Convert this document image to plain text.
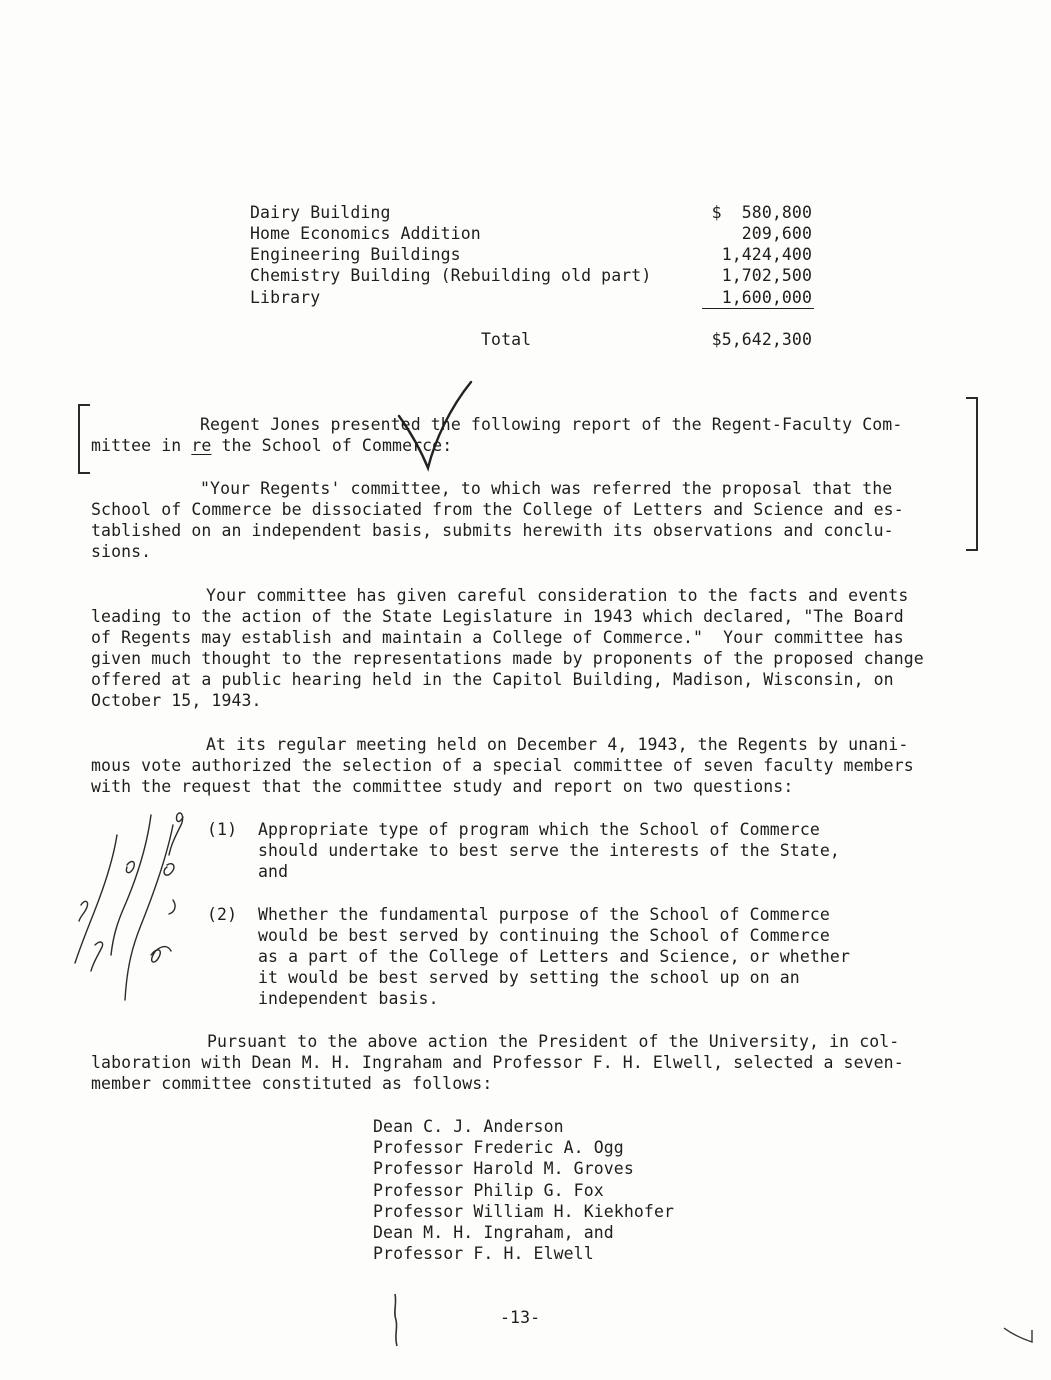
Dairy Building	$  580,800
Home Economics Addition	209,600
Engineering Buildings	1,424,400
Chemistry Building (Rebuilding old part)	1,702,500
Library	1,600,000
Total	$5,642,300
Regent Jones presented the following report of the Regent-Faculty Com-
mittee in re the School of Commerce:
"Your Regents' committee, to which was referred the proposal that the
School of Commerce be dissociated from the College of Letters and Science and es-
tablished on an independent basis, submits herewith its observations and conclu-
sions.
Your committee has given careful consideration to the facts and events
leading to the action of the State Legislature in 1943 which declared, "The Board
of Regents may establish and maintain a College of Commerce."  Your committee has
given much thought to the representations made by proponents of the proposed change
offered at a public hearing held in the Capitol Building, Madison, Wisconsin, on
October 15, 1943.
At its regular meeting held on December 4, 1943, the Regents by unani-
mous vote authorized the selection of a special committee of seven faculty members
with the request that the committee study and report on two questions:
(1) Appropriate type of program which the School of Commerce
should undertake to best serve the interests of the State,
and
(2) Whether the fundamental purpose of the School of Commerce
would be best served by continuing the School of Commerce
as a part of the College of Letters and Science, or whether
it would be best served by setting the school up on an
independent basis.
Pursuant to the above action the President of the University, in col-
laboration with Dean M. H. Ingraham and Professor F. H. Elwell, selected a seven-
member committee constituted as follows:
Dean C. J. Anderson
Professor Frederic A. Ogg
Professor Harold M. Groves
Professor Philip G. Fox
Professor William H. Kiekhofer
Dean M. H. Ingraham, and
Professor F. H. Elwell
-13-
